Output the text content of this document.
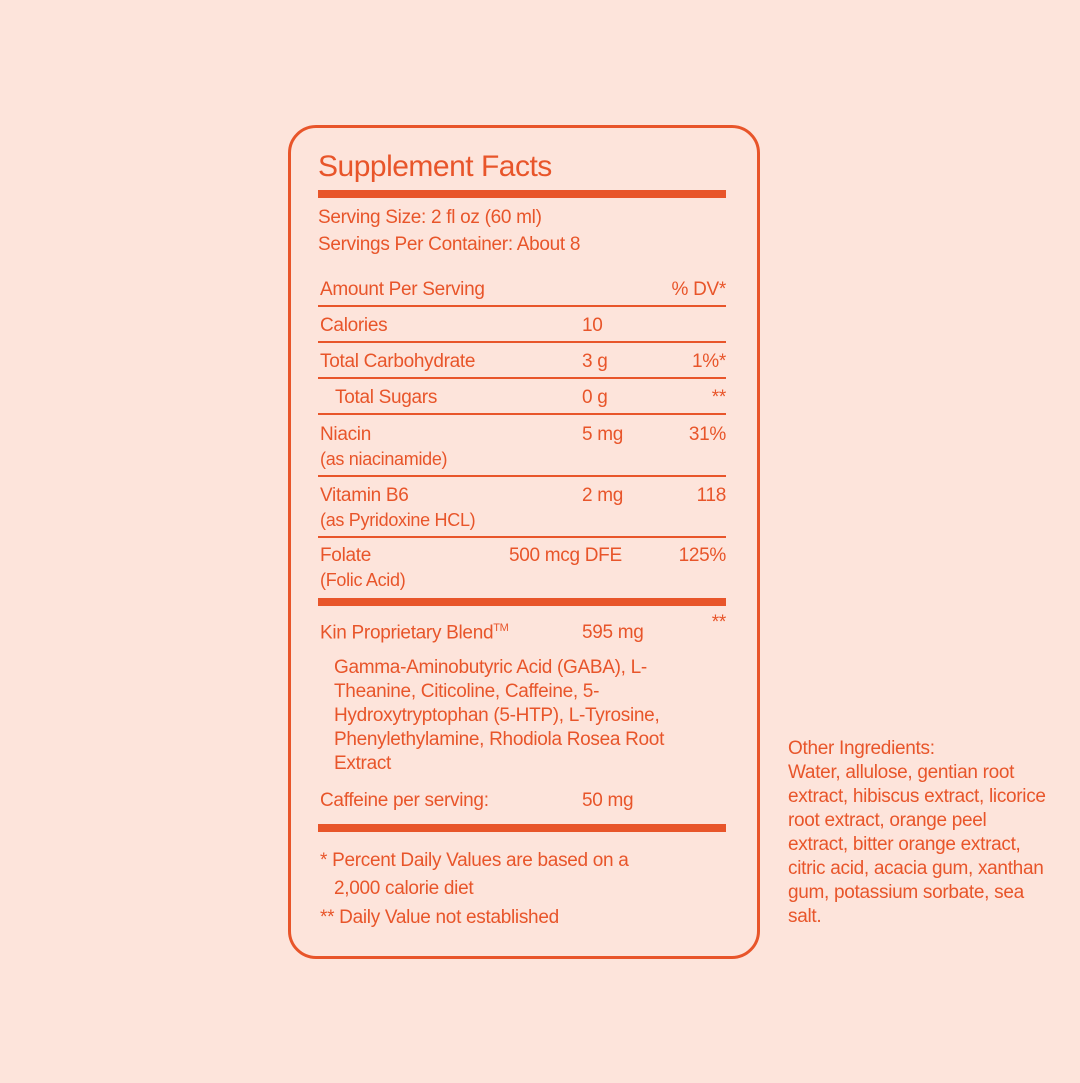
Supplement Facts
Serving Size: 2 fl oz (60 ml)
Servings Per Container: About 8
Amount Per Serving	% DV*
Calories	10
Total Carbohydrate	3 g	1%*
Total Sugars	0 g	**
Niacin
(as niacinamide)
5 mg	31%
Vitamin B6
(as Pyridoxine HCL)
2 mg	118
Folate
(Folic Acid)
500 mcg DFE	125%
Kin Proprietary Blend™	595 mg	**
Gamma-Aminobutyric Acid (GABA), L-Theanine, Citicoline, Caffeine, 5-Hydroxytryptophan (5-HTP), L-Tyrosine, Phenylethylamine, Rhodiola Rosea Root Extract
Caffeine per serving:	50 mg
* Percent Daily Values are based on a
2,000 calorie diet
** Daily Value not established
Other Ingredients:
Water, allulose, gentian root extract, hibiscus extract, licorice root extract, orange peel extract, bitter orange extract, citric acid, acacia gum, xanthan gum, potassium sorbate, sea salt.
